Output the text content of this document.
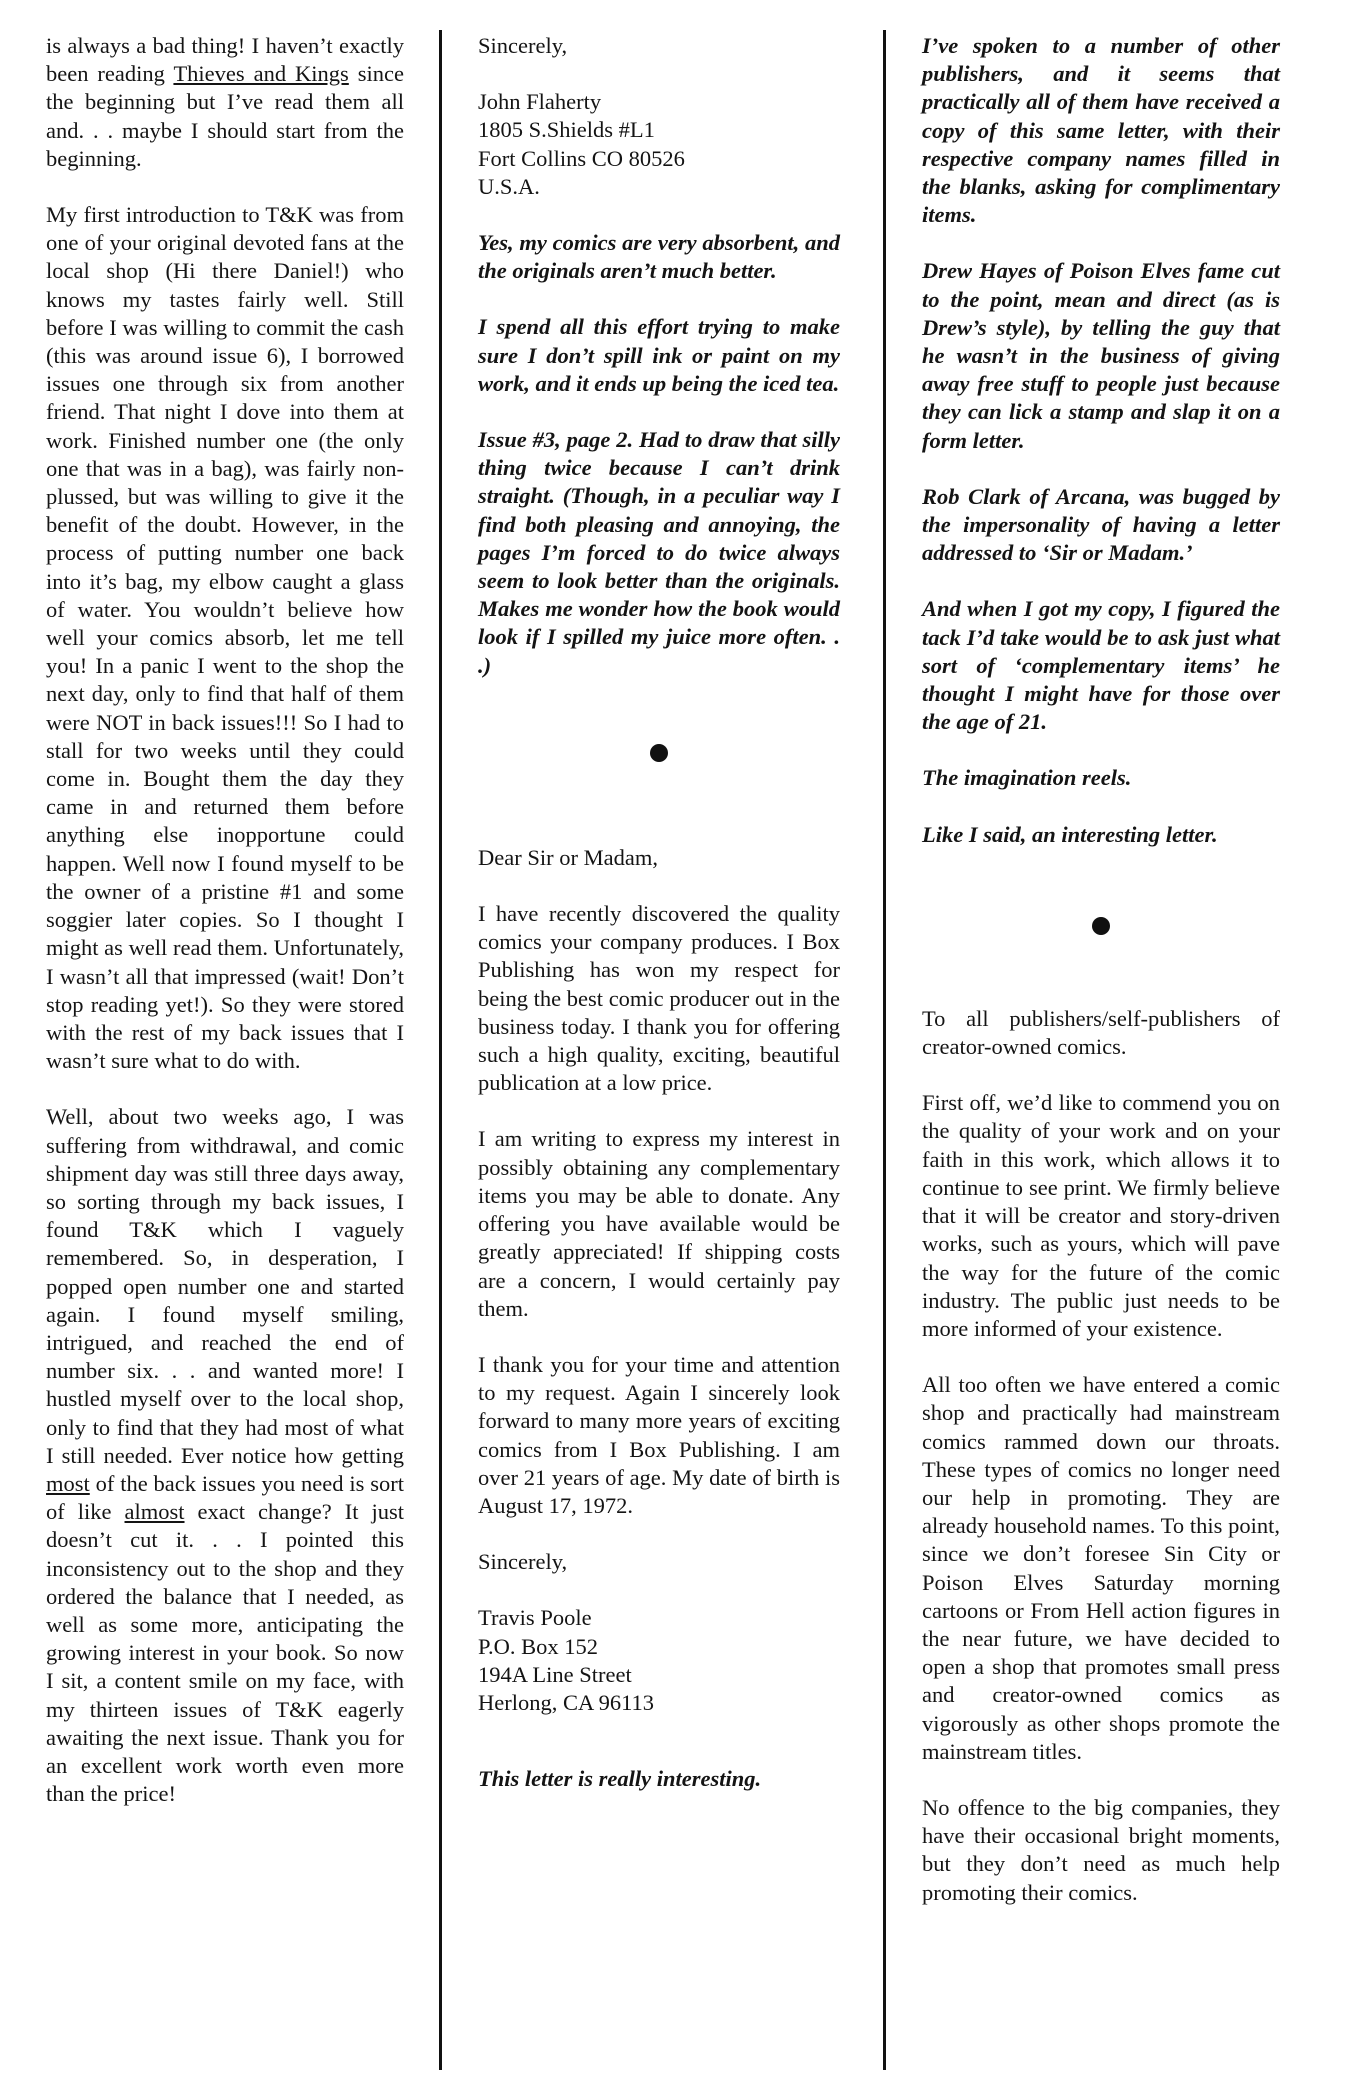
is always a bad thing! I haven’t exactly been reading Thieves and Kings since the beginning but I’ve read them all and. . . maybe I should start from the beginning.

My first introduction to T&K was from one of your original devoted fans at the local shop (Hi there Daniel!) who knows my tastes fairly well. Still before I was willing to commit the cash (this was around issue 6), I borrowed issues one through six from another friend. That night I dove into them at work. Finished number one (the only one that was in a bag), was fairly non-plussed, but was willing to give it the benefit of the doubt. However, in the process of putting number one back into it’s bag, my elbow caught a glass of water. You wouldn’t believe how well your comics absorb, let me tell you! In a panic I went to the shop the next day, only to find that half of them were NOT in back issues!!! So I had to stall for two weeks until they could come in. Bought them the day they came in and returned them before anything else inopportune could happen. Well now I found myself to be the owner of a pristine #1 and some soggier later copies. So I thought I might as well read them. Unfortunately, I wasn’t all that impressed (wait! Don’t stop reading yet!). So they were stored with the rest of my back issues that I wasn’t sure what to do with.

Well, about two weeks ago, I was suffering from withdrawal, and comic shipment day was still three days away, so sorting through my back issues, I found T&K which I vaguely remembered. So, in desperation, I popped open number one and started again. I found myself smiling, intrigued, and reached the end of number six. . . and wanted more! I hustled myself over to the local shop, only to find that they had most of what I still needed. Ever notice how getting most of the back issues you need is sort of like almost exact change? It just doesn’t cut it. . . I pointed this inconsistency out to the shop and they ordered the balance that I needed, as well as some more, anticipating the growing interest in your book. So now I sit, a content smile on my face, with my thirteen issues of T&K eagerly awaiting the next issue. Thank you for an excellent work worth even more than the price!

Sincerely,

John Flaherty
1805 S.Shields #L1
Fort Collins CO 80526
U.S.A.

Yes, my comics are very absorbent, and the originals aren’t much better.

I spend all this effort trying to make sure I don’t spill ink or paint on my work, and it ends up being the iced tea.

Issue #3, page 2. Had to draw that silly thing twice because I can’t drink straight. (Though, in a peculiar way I find both pleasing and annoying, the pages I’m forced to do twice always seem to look better than the originals. Makes me wonder how the book would look if I spilled my juice more often. . .)

Dear Sir or Madam,

I have recently discovered the quality comics your company produces. I Box Publishing has won my respect for being the best comic producer out in the business today. I thank you for offering such a high quality, exciting, beautiful publication at a low price.

I am writing to express my interest in possibly obtaining any complementary items you may be able to donate. Any offering you have available would be greatly appreciated! If shipping costs are a concern, I would certainly pay them.

I thank you for your time and attention to my request. Again I sincerely look forward to many more years of exciting comics from I Box Publishing. I am over 21 years of age. My date of birth is August 17, 1972.

Sincerely,

Travis Poole
P.O. Box 152
194A Line Street
Herlong, CA 96113

This letter is really interesting.

I’ve spoken to a number of other publishers, and it seems that practically all of them have received a copy of this same letter, with their respective company names filled in the blanks, asking for complimentary items.

Drew Hayes of Poison Elves fame cut to the point, mean and direct (as is Drew’s style), by telling the guy that he wasn’t in the business of giving away free stuff to people just because they can lick a stamp and slap it on a form letter.

Rob Clark of Arcana, was bugged by the impersonality of having a letter addressed to ‘Sir or Madam.’

And when I got my copy, I figured the tack I’d take would be to ask just what sort of ‘complementary items’ he thought I might have for those over the age of 21.

The imagination reels.

Like I said, an interesting letter.

To all publishers/self-publishers of creator-owned comics.

First off, we’d like to commend you on the quality of your work and on your faith in this work, which allows it to continue to see print. We firmly believe that it will be creator and story-driven works, such as yours, which will pave the way for the future of the comic industry. The public just needs to be more informed of your existence.

All too often we have entered a comic shop and practically had mainstream comics rammed down our throats. These types of comics no longer need our help in promoting. They are already household names. To this point, since we don’t foresee Sin City or Poison Elves Saturday morning cartoons or From Hell action figures in the near future, we have decided to open a shop that promotes small press and creator-owned comics as vigorously as other shops promote the mainstream titles.

No offence to the big companies, they have their occasional bright moments, but they don’t need as much help promoting their comics.
